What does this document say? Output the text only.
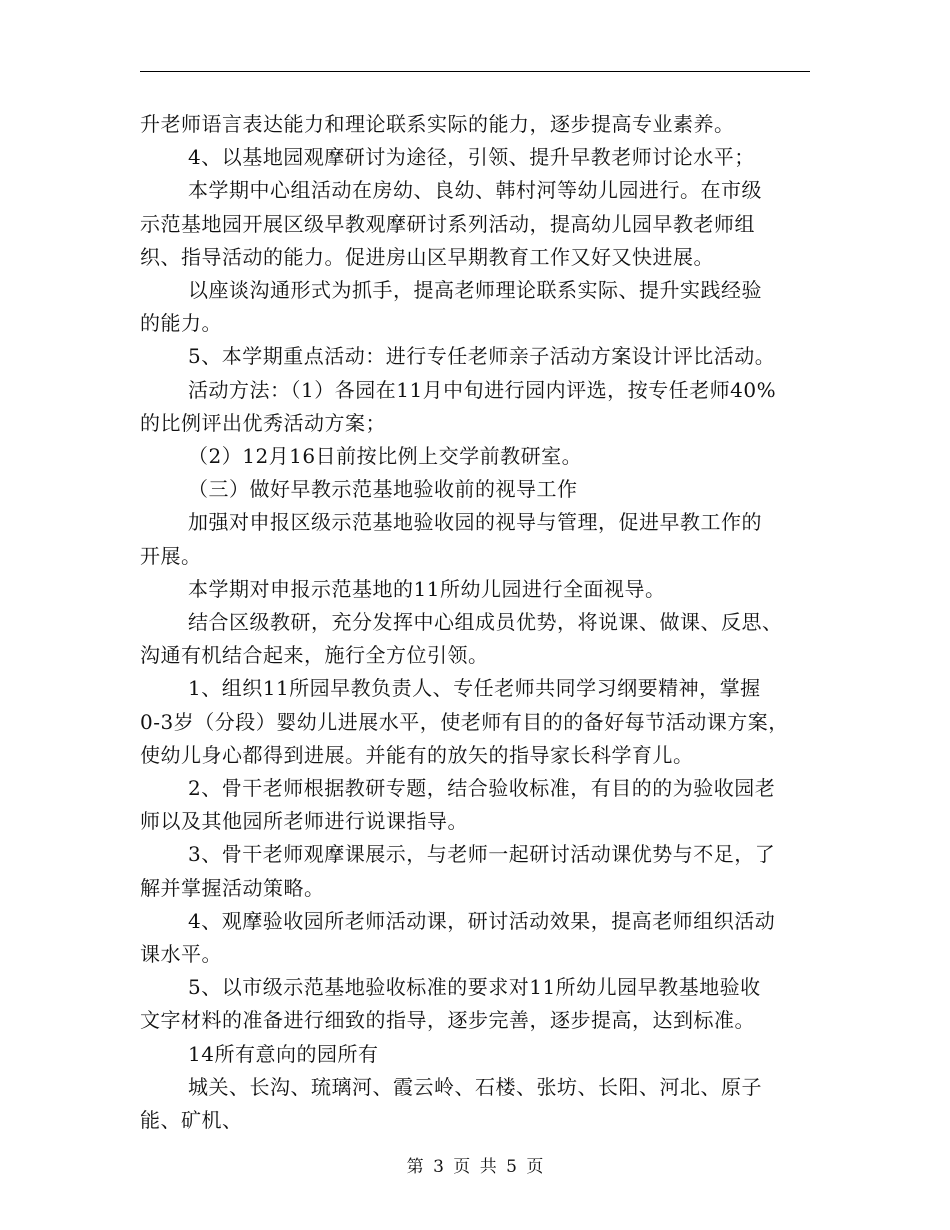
升老师语言表达能力和理论联系实际的能力，逐步提高专业素养。
4、以基地园观摩研讨为途径，引领、提升早教老师讨论水平；
本学期中心组活动在房幼、良幼、韩村河等幼儿园进行。在市级
示范基地园开展区级早教观摩研讨系列活动，提高幼儿园早教老师组
织、指导活动的能力。促进房山区早期教育工作又好又快进展。
以座谈沟通形式为抓手，提高老师理论联系实际、提升实践经验
的能力。
5、本学期重点活动：进行专任老师亲子活动方案设计评比活动。
活动方法：（1）各园在11月中旬进行园内评选，按专任老师40%
的比例评出优秀活动方案；
（2）12月16日前按比例上交学前教研室。
（三）做好早教示范基地验收前的视导工作
加强对申报区级示范基地验收园的视导与管理，促进早教工作的
开展。
本学期对申报示范基地的11所幼儿园进行全面视导。
结合区级教研，充分发挥中心组成员优势，将说课、做课、反思、
沟通有机结合起来，施行全方位引领。
1、组织11所园早教负责人、专任老师共同学习纲要精神，掌握
0-3岁（分段）婴幼儿进展水平，使老师有目的的备好每节活动课方案，
使幼儿身心都得到进展。并能有的放矢的指导家长科学育儿。
2、骨干老师根据教研专题，结合验收标准，有目的的为验收园老
师以及其他园所老师进行说课指导。
3、骨干老师观摩课展示，与老师一起研讨活动课优势与不足，了
解并掌握活动策略。
4、观摩验收园所老师活动课，研讨活动效果，提高老师组织活动
课水平。
5、以市级示范基地验收标准的要求对11所幼儿园早教基地验收
文字材料的准备进行细致的指导，逐步完善，逐步提高，达到标准。
14所有意向的园所有
城关、长沟、琉璃河、霞云岭、石楼、张坊、长阳、河北、原子
能、矿机、
第 3 页 共 5 页
